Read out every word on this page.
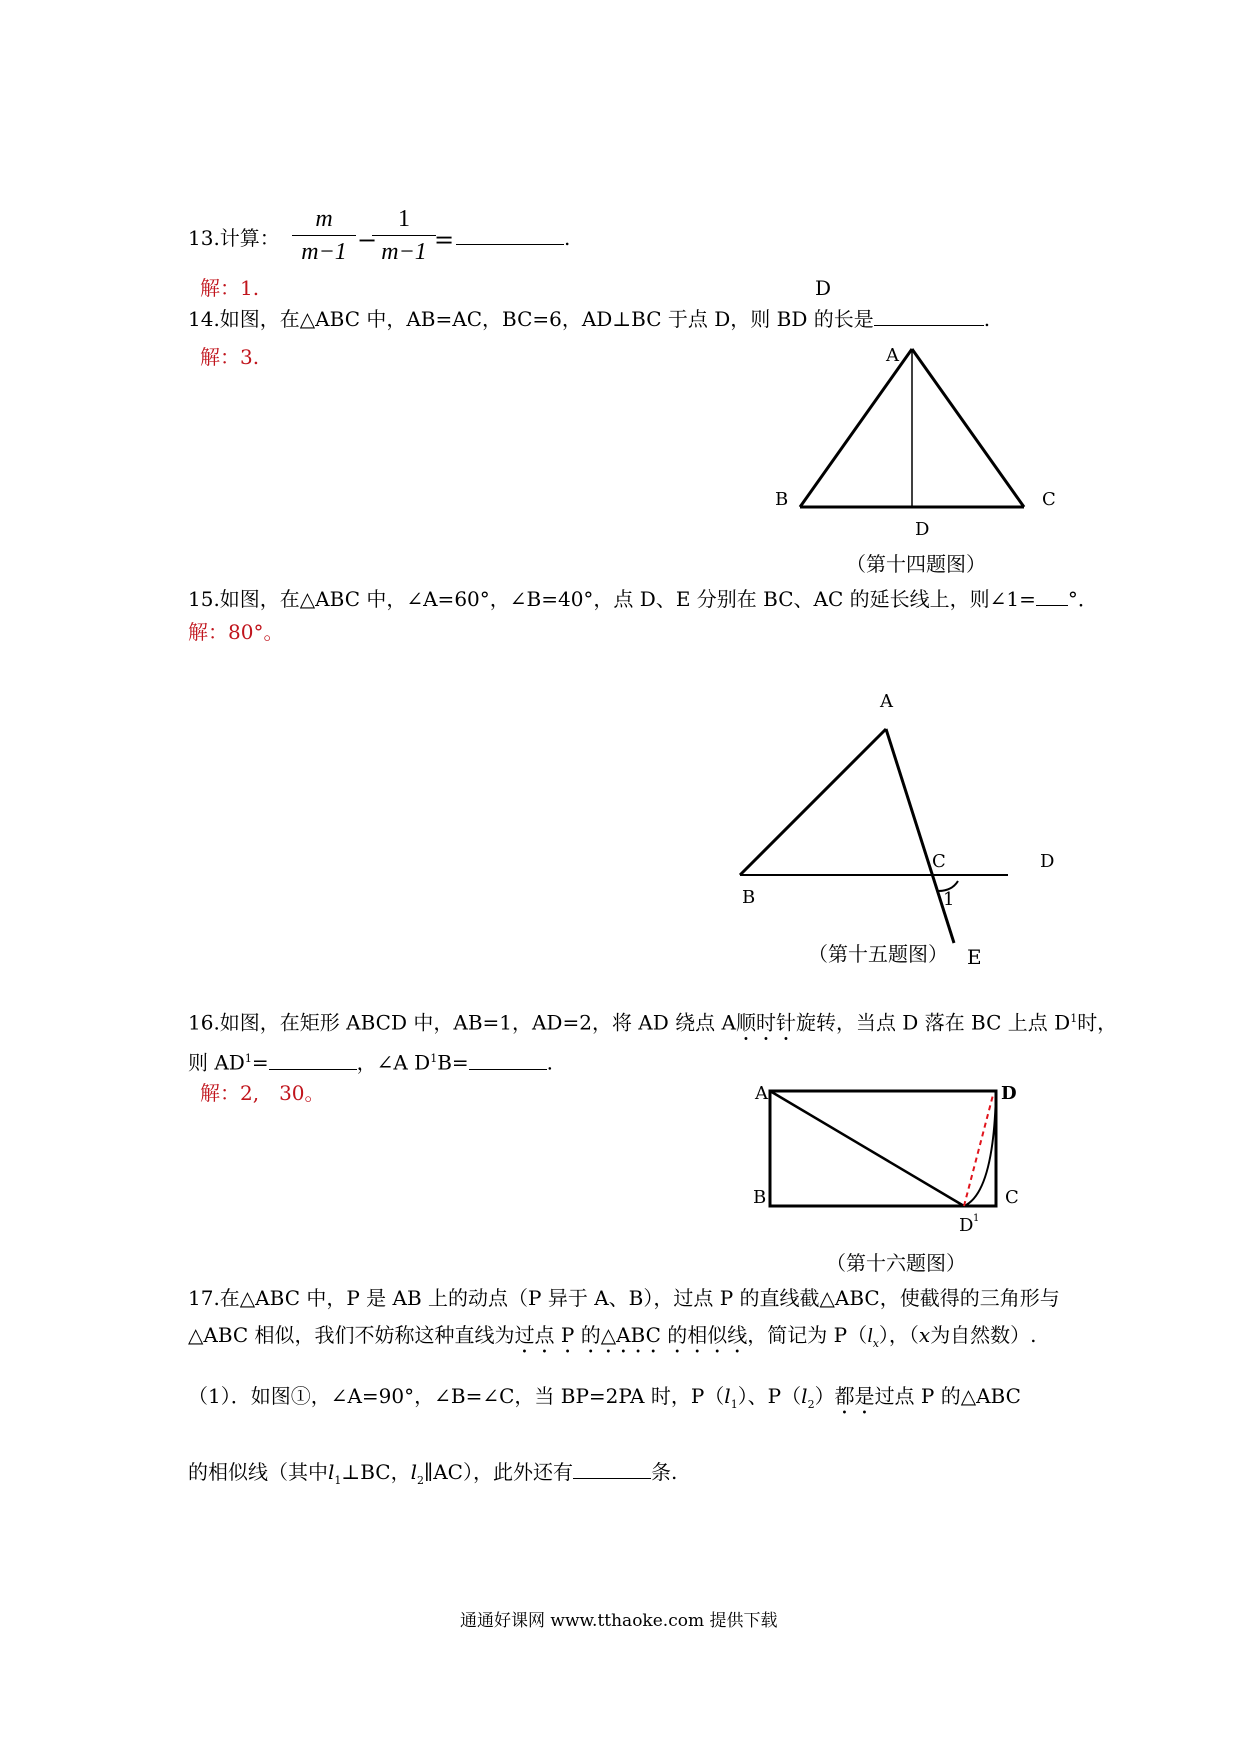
13.计算：
m
m−1 −
1
m−1 =	.
解：1.	D
14.如图，在△ABC 中，AB=AC，BC=6，AD⊥BC 于点 D，则 BD 的长是	.
解：3.	A
B	C
D
（第十四题图）
15.如图，在△ABC 中，∠A=60°，∠B=40°，点 D、E 分别在 BC、AC 的延长线上，则∠1= °．
解：80°。
A
B
C	D
1
（第十五题图） E
16.如图，在矩形 ABCD 中，AB=1，AD=2，将 AD 绕点 A顺时针旋转，当点 D 落在 BC 上点 $D^1$时，
则 $AD^1=$	，∠A $D^1B=$	.
解：2,　30。	A	D
B	C
D 1
（第十六题图）
17.在△ABC 中，P 是 AB 上的动点（P 异于 A、B），过点 P 的直线截△ABC，使截得的三角形与
△ABC 相似，我们不妨称这种直线为过点 P 的△ABC 的相似线，简记为 $P(l_x)$，（x为自然数）.
（1）．如图①，∠A=90°，∠B=∠C，当 BP=2PA 时，$P(l_1)$、$P(l_2)$都是过点 P 的△ABC
的相似线（其中$l_1\perp BC$，$l_2\parallel AC$），此外还有	条.
通通好课网 www.tthaoke.com 提供下载
